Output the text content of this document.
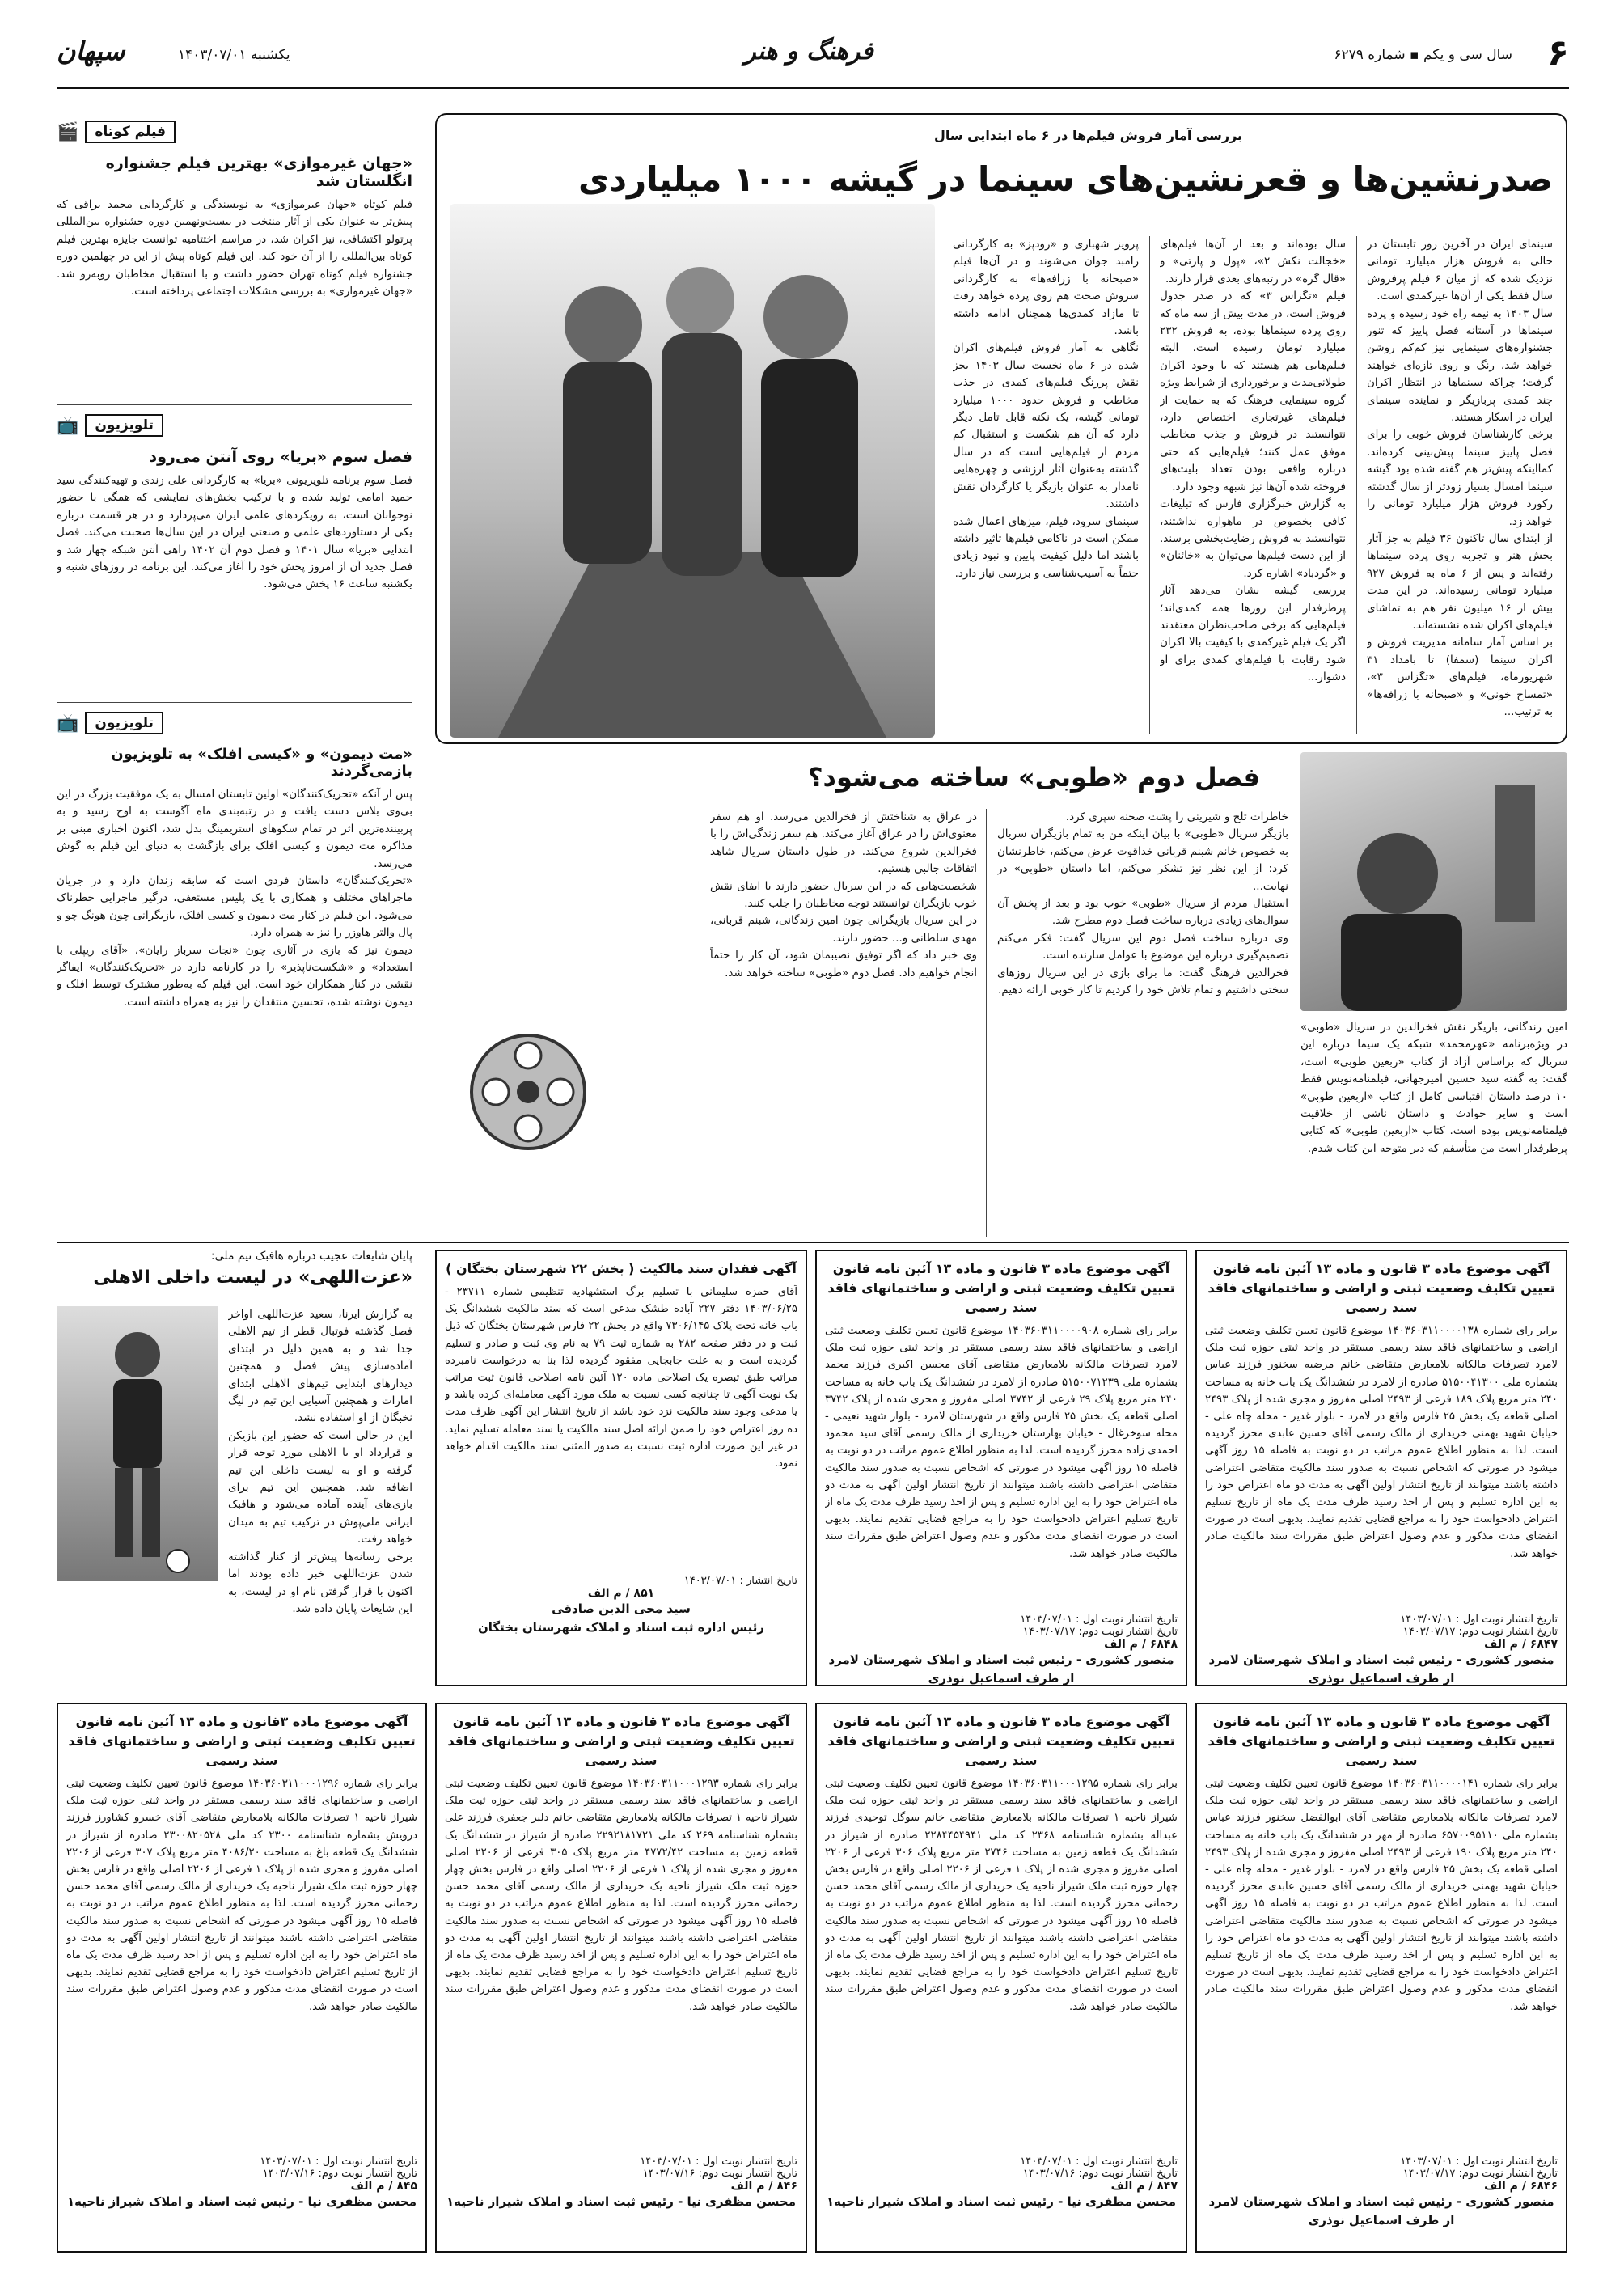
۶
سال سی و یکم ▪ شماره ۶۲۷۹
فرهنگ و هنر
یکشنبه ۱۴۰۳/۰۷/۰۱
سپهان
بررسی آمار فروش فیلم‌ها در ۶ ماه ابتدایی سال
صدرنشین‌ها و قعرنشین‌های سینما در گیشه ۱۰۰۰ میلیاردی
سینمای ایران در آخرین روز تابستان در حالی به فروش هزار میلیارد تومانی نزدیک شده که از میان ۶ فیلم پرفروش سال فقط یکی از آن‌ها غیرکمدی است.
سال ۱۴۰۳ به نیمه راه خود رسیده و پرده سینماها در آستانه فصل پاییز که تنور جشنواره‌های سینمایی نیز کم‌کم روشن خواهد شد، رنگ و روی تازه‌ای خواهند گرفت؛ چراکه سینماها در انتظار اکران چند کمدی پربازیگر و نماینده سینمای ایران در اسکار هستند.
برخی کارشناسان فروش خوبی را برای فصل پاییز سینما پیش‌بینی کرده‌اند. کمااینکه پیش‌تر هم گفته شده بود گیشه سینما امسال بسیار زودتر از سال گذشته رکورد فروش هزار میلیارد تومانی را خواهد زد.
از ابتدای سال تاکنون ۳۶ فیلم به جز آثار بخش هنر و تجربه روی پرده سینماها رفته‌اند و پس از ۶ ماه به فروش ۹۲۷ میلیارد تومانی رسیده‌اند. در این مدت بیش از ۱۶ میلیون نفر هم به تماشای فیلم‌های اکران شده نشسته‌اند.
بر اساس آمار سامانه مدیریت فروش و اکران سینما (سمفا) تا بامداد ۳۱ شهریورماه، فیلم‌های «تگزاس ۳»، «تمساح خونی» و «صبحانه با زرافه‌ها» به ترتیب...
سال بوده‌اند و بعد از آن‌ها فیلم‌های «خجالت نکش ۲»، «پول و پارتی» و «قال گره» در رتبه‌های بعدی قرار دارند.
فیلم «تگزاس ۳» که در صدر جدول فروش است، در مدت بیش از سه ماه که روی پرده سینماها بوده، به فروش ۲۳۲ میلیارد تومان رسیده است. البته فیلم‌هایی هم هستند که با وجود اکران طولانی‌مدت و برخورداری از شرایط ویژه گروه سینمایی فرهنگ که به حمایت از فیلم‌های غیرتجاری اختصاص دارد، نتوانستند در فروش و جذب مخاطب موفق عمل کنند؛ فیلم‌هایی که حتی درباره واقعی بودن تعداد بلیت‌های فروخته شده آن‌ها نیز شبهه وجود دارد.
به گزارش خبرگزاری فارس که تبلیغات کافی بخصوص در ماهواره نداشتند، نتوانستند به فروش رضایت‌بخشی برسند. از این دست فیلم‌ها می‌توان به «خائنان» و «گردباد» اشاره کرد.
بررسی گیشه نشان می‌دهد آثار پرطرفدار این روزها همه کمدی‌اند؛ فیلم‌هایی که برخی صاحب‌نظران معتقدند اگر یک فیلم غیرکمدی با کیفیت بالا اکران شود رقابت با فیلم‌های کمدی برای او دشوار...
پرویز شهبازی و «زودپز» به کارگردانی رامبد جوان می‌شوند و در آن‌ها فیلم «صبحانه با زرافه‌ها» به کارگردانی سروش صحت هم روی پرده خواهد رفت تا مازاد کمدی‌ها همچنان ادامه داشته باشد.
نگاهی به آمار فروش فیلم‌های اکران شده در ۶ ماه نخست سال ۱۴۰۳ بجز نقش پررنگ فیلم‌های کمدی در جذب مخاطب و فروش حدود ۱۰۰۰ میلیارد تومانی گیشه، یک نکته قابل تامل دیگر دارد که آن هم شکست و استقبال کم مردم از فیلم‌هایی است که در سال گذشته به‌عنوان آثار ارزشی و چهره‌هایی نامدار به عنوان بازیگر یا کارگردان نقش داشتند.
سینمای سرود، فیلم، میزهای اعمال شده ممکن است در ناکامی فیلم‌ها تاثیر داشته باشند اما دلیل کیفیت پایین و نبود زیادی حتماً به آسیب‌شناسی و بررسی نیاز دارد.
فصل دوم «طوبی» ساخته می‌شود؟
امین زندگانی، بازیگر نقش فخرالدین در سریال «طوبی» در ویژه‌برنامه «عهرمحمد» شبکه یک سیما درباره این سریال که براساس آزاد از کتاب «ربعین طوبی» است، گفت: به گفته سید حسین امیرجهانی، فیلمنامه‌نویس فقط ۱۰ درصد داستان اقتباسی کامل از کتاب «اربعین طوبی» است و سایر حوادث و داستان ناشی از خلاقیت فیلمنامه‌نویس بوده است. کتاب «اربعین طوبی» که کتابی پرطرفدار است من متأسفم که دیر متوجه این کتاب شدم.
خاطرات تلخ و شیرینی را پشت صحنه سپری کرد.
بازیگر سریال «طوبی» با بیان اینکه من به تمام بازیگران سریال به خصوص خانم شبنم قربانی خداقوت عرض می‌کنم، خاطرنشان کرد: از این نظر نیز تشکر می‌کنم، اما داستان «طوبی» در نهایت...
استقبال مردم از سریال «طوبی» خوب بود و بعد از پخش آن سوال‌های زیادی درباره ساخت فصل دوم مطرح شد.
وی درباره ساخت فصل دوم این سریال گفت: فکر می‌کنم تصمیم‌گیری درباره این موضوع با عوامل سازنده است.
فخرالدین فرهنگ گفت: ما برای بازی در این سریال روزهای سختی داشتیم و تمام تلاش خود را کردیم تا کار خوبی ارائه دهیم.
در عراق به شناختش از فخرالدین می‌رسد. او هم سفر معنوی‌اش را در عراق آغاز می‌کند. هم سفر زندگی‌اش را با فخرالدین شروع می‌کند. در طول داستان سریال شاهد اتفاقات جالبی هستیم.
شخصیت‌هایی که در این سریال حضور دارند با ایفای نقش خوب بازیگران توانستند توجه مخاطبان را جلب کنند.
در این سریال بازیگرانی چون امین زندگانی، شبنم قربانی، مهدی سلطانی و... حضور دارند.
وی خبر داد که اگر توفیق نصیبمان شود، آن کار را حتماً انجام خواهیم داد. فصل دوم «طوبی» ساخته خواهد شد.
فیلم کوتاه
🎬
«جهان غیرموازی» بهترین فیلم جشنواره انگلستان شد
فیلم کوتاه «جهان غیرموازی» به نویسندگی و کارگردانی محمد براقی که پیش‌تر به عنوان یکی از آثار منتخب در بیست‌ونهمین دوره جشنواره بین‌المللی پرتولو اکتشافی، نیز اکران شد، در مراسم اختتامیه توانست جایزه بهترین فیلم کوتاه بین‌المللی را از آن خود کند. این فیلم کوتاه پیش از این در چهلمین دوره جشنواره فیلم کوتاه تهران حضور داشت و با استقبال مخاطبان روبه‌رو شد. «جهان غیرموازی» به بررسی مشکلات اجتماعی پرداخته است.
تلویزیون
📺
فصل سوم «بریا» روی آنتن می‌رود
فصل سوم برنامه تلویزیونی «بریا» به کارگردانی علی زندی و تهیه‌کنندگی سید حمید امامی تولید شده و با ترکیب بخش‌های نمایشی که همگی با حضور نوجوانان است، به رویکردهای علمی ایران می‌پردازد و در هر قسمت درباره یکی از دستاوردهای علمی و صنعتی ایران در این سال‌ها صحبت می‌کند. فصل ابتدایی «بریا» سال ۱۴۰۱ و فصل دوم آن ۱۴۰۲ راهی آنتن شبکه چهار شد و فصل جدید آن از امروز پخش خود را آغاز می‌کند. این برنامه در روزهای شنبه و یکشنبه ساعت ۱۶ پخش می‌شود.
تلویزیون
📺
«مت دیمون» و «کیسی افلک» به تلویزیون بازمی‌گردند
پس از آنکه «تحریک‌کنندگان» اولین تابستان امسال به یک موفقیت بزرگ در این بی‌وی بلاس دست یافت و در رتبه‌بندی ماه آگوست به اوج رسید و به پربیننده‌ترین اثر در تمام سکوهای استریمینگ بدل شد، اکنون اخباری مبنی بر مذاکره مت دیمون و کیسی افلک برای بازگشت به دنیای این فیلم به گوش می‌رسد.
«تحریک‌کنندگان» داستان فردی است که سابقه زندان دارد و در جریان ماجراهای مختلف و همکاری با یک پلیس مستعفی، درگیر ماجرایی خطرناک می‌شود. این فیلم در کنار مت دیمون و کیسی افلک، بازیگرانی چون هونگ چو و پال والتر هاوزر را نیز به همراه دارد.
دیمون نیز که بازی در آثاری چون «نجات سرباز رایان»، «آقای ریپلی با استعداد» و «شکست‌ناپذیر» را در کارنامه دارد در «تحریک‌کنندگان» ایفاگر نقشی در کنار همکاران خود است. این فیلم که به‌طور مشترک توسط افلک و دیمون نوشته شده، تحسین منتقدان را نیز به همراه داشته است.
پایان شایعات عجیب درباره هافبک تیم ملی:
«عزت‌اللهی» در لیست داخلی الاهلی
به گزارش ایرنا، سعید عزت‌اللهی اواخر فصل گذشته فوتبال قطر از تیم الاهلی جدا شد و به همین دلیل در ابتدای آماده‌سازی پیش فصل و همچنین دیدارهای ابتدایی تیم‌های الاهلی ابتدای امارات و همچنین آسیایی این تیم در لیگ نخبگان از او استفاده نشد.
این در حالی است که حضور این بازیکن و قرارداد او با الاهلی مورد توجه قرار گرفته و او به لیست داخلی این تیم اضافه شد. همچنین این تیم برای بازی‌های آینده آماده می‌شود و هافبک ایرانی ملی‌پوش در ترکیب تیم به میدان خواهد رفت.
برخی رسانه‌ها پیش‌تر از کنار گذاشته شدن عزت‌اللهی خبر داده بودند اما اکنون با قرار گرفتن نام او در لیست، به این شایعات پایان داده شد.
آگهی موضوع ماده ۳ قانون و ماده ۱۳ آئین نامه قانون تعیین تکلیف وضعیت ثبتی و اراضی و ساختمانهای فاقد سند رسمی
برابر رای شماره ۱۴۰۳۶۰۳۱۱۰۰۰۰۱۳۸ موضوع قانون تعیین تکلیف وضعیت ثبتی اراضی و ساختمانهای فاقد سند رسمی مستقر در واحد ثبتی حوزه ثبت ملک لامرد تصرفات مالکانه بلامعارض متقاضی خانم مرضیه سخنور فرزند عباس بشماره ملی ۵۱۵۰۰۴۱۳۰۰ صادره از لامرد در ششدانگ یک باب خانه به مساحت ۲۴۰ متر مربع پلاک ۱۸۹ فرعی از ۲۴۹۳ اصلی مفروز و مجزی شده از پلاک ۲۴۹۳ اصلی قطعه یک بخش ۲۵ فارس واقع در لامرد - بلوار غدیر - محله چاه علی - خیابان شهید بهمنی خریداری از مالک رسمی آقای حسین عابدی محرز گردیده است. لذا به منظور اطلاع عموم مراتب در دو نوبت به فاصله ۱۵ روز آگهی میشود در صورتی که اشخاص نسبت به صدور سند مالکیت متقاضی اعتراضی داشته باشند میتوانند از تاریخ انتشار اولین آگهی به مدت دو ماه اعتراض خود را به این اداره تسلیم و پس از اخذ رسید ظرف مدت یک ماه از تاریخ تسلیم اعتراض دادخواست خود را به مراجع قضایی تقدیم نمایند. بدیهی است در صورت انقضای مدت مذکور و عدم وصول اعتراض طبق مقررات سند مالکیت صادر خواهد شد.
تاریخ انتشار نوبت اول : ۱۴۰۳/۰۷/۰۱
تاریخ انتشار نوبت دوم: ۱۴۰۳/۰۷/۱۷
۶۸۴۷ / م الف
منصور کشوری - رئیس ثبت اسناد و املاک شهرستان لامرد
از طرف اسماعیل نوذری
آگهی موضوع ماده ۳ قانون و ماده ۱۳ آئین نامه قانون تعیین تکلیف وضعیت ثبتی و اراضی و ساختمانهای فاقد سند رسمی
برابر رای شماره ۱۴۰۳۶۰۳۱۱۰۰۰۰۹۰۸ موضوع قانون تعیین تکلیف وضعیت ثبتی اراضی و ساختمانهای فاقد سند رسمی مستقر در واحد ثبتی حوزه ثبت ملک لامرد تصرفات مالکانه بلامعارض متقاضی آقای محسن اکبری فرزند محمد بشماره ملی ۵۱۵۰۰۷۱۲۳۹ صادره از لامرد در ششدانگ یک باب خانه به مساحت ۲۴۰ متر مربع پلاک ۲۹ فرعی از ۳۷۴۲ اصلی مفروز و مجزی شده از پلاک ۳۷۴۲ اصلی قطعه یک بخش ۲۵ فارس واقع در شهرستان لامرد - بلوار شهید نعیمی - محله سوخرغال - خیابان بهارستان خریداری از مالک رسمی آقای سید محمود احمدی زاده محرز گردیده است. لذا به منظور اطلاع عموم مراتب در دو نوبت به فاصله ۱۵ روز آگهی میشود در صورتی که اشخاص نسبت به صدور سند مالکیت متقاضی اعتراضی داشته باشند میتوانند از تاریخ انتشار اولین آگهی به مدت دو ماه اعتراض خود را به این اداره تسلیم و پس از اخذ رسید ظرف مدت یک ماه از تاریخ تسلیم اعتراض دادخواست خود را به مراجع قضایی تقدیم نمایند. بدیهی است در صورت انقضای مدت مذکور و عدم وصول اعتراض طبق مقررات سند مالکیت صادر خواهد شد.
تاریخ انتشار نوبت اول : ۱۴۰۳/۰۷/۰۱
تاریخ انتشار نوبت دوم: ۱۴۰۳/۰۷/۱۷
۶۸۴۸ / م الف
منصور کشوری - رئیس ثبت اسناد و املاک شهرستان لامرد
از طرف اسماعیل نوذری
آگهی فقدان سند مالکیت ( بخش ۲۲ شهرستان بختگان )
آقای حمزه سلیمانی با تسلیم برگ استشهادیه تنظیمی شماره ۲۳۷۱۱ - ۱۴۰۳/۰۶/۲۵ دفتر ۲۲۷ آباده طشک مدعی است که سند مالکیت ششدانگ یک باب خانه تحت پلاک ۷۳۰۶/۱۴۵ واقع در بخش ۲۲ فارس شهرستان بختگان که ذیل ثبت و در دفتر صفحه ۲۸۲ به شماره ثبت ۷۹ به نام وی ثبت و صادر و تسلیم گردیده است و به علت جابجایی مفقود گردیده لذا بنا به درخواست نامبرده مراتب طبق تبصره یک اصلاحی ماده ۱۲۰ آئین نامه اصلاحی قانون ثبت مراتب یک نوبت آگهی تا چنانچه کسی نسبت به ملک مورد آگهی معامله‌ای کرده باشد و یا مدعی وجود سند مالکیت نزد خود باشد از تاریخ انتشار این آگهی ظرف مدت ده روز اعتراض خود را ضمن ارائه اصل سند مالکیت یا سند معامله تسلیم نماید. در غیر این صورت اداره ثبت نسبت به صدور المثنی سند مالکیت اقدام خواهد نمود.
تاریخ انتشار : ۱۴۰۳/۰۷/۰۱
۸۵۱ / م الف
سید محی الدین صادقی
رئیس اداره ثبت اسناد و املاک شهرستان بختگان
آگهی موضوع ماده ۳ قانون و ماده ۱۳ آئین نامه قانون تعیین تکلیف وضعیت ثبتی و اراضی و ساختمانهای فاقد سند رسمی
برابر رای شماره ۱۴۰۳۶۰۳۱۱۰۰۰۰۱۴۱ موضوع قانون تعیین تکلیف وضعیت ثبتی اراضی و ساختمانهای فاقد سند رسمی مستقر در واحد ثبتی حوزه ثبت ملک لامرد تصرفات مالکانه بلامعارض متقاضی آقای ابوالفضل سخنور فرزند عباس بشماره ملی ۶۵۷۰۰۹۵۱۱۰ صادره از مهر در ششدانگ یک باب خانه به مساحت ۲۴۰ متر مربع پلاک ۱۹۰ فرعی از ۲۴۹۳ اصلی مفروز و مجزی شده از پلاک ۲۴۹۳ اصلی قطعه یک بخش ۲۵ فارس واقع در لامرد - بلوار غدیر - محله چاه علی - خیابان شهید بهمنی خریداری از مالک رسمی آقای حسین عابدی محرز گردیده است. لذا به منظور اطلاع عموم مراتب در دو نوبت به فاصله ۱۵ روز آگهی میشود در صورتی که اشخاص نسبت به صدور سند مالکیت متقاضی اعتراضی داشته باشند میتوانند از تاریخ انتشار اولین آگهی به مدت دو ماه اعتراض خود را به این اداره تسلیم و پس از اخذ رسید ظرف مدت یک ماه از تاریخ تسلیم اعتراض دادخواست خود را به مراجع قضایی تقدیم نمایند. بدیهی است در صورت انقضای مدت مذکور و عدم وصول اعتراض طبق مقررات سند مالکیت صادر خواهد شد.
تاریخ انتشار نوبت اول : ۱۴۰۳/۰۷/۰۱
تاریخ انتشار نوبت دوم: ۱۴۰۳/۰۷/۱۷
۶۸۴۶ / م الف
منصور کشوری - رئیس ثبت اسناد و املاک شهرستان لامرد
از طرف اسماعیل نوذری
آگهی موضوع ماده ۳ قانون و ماده ۱۳ آئین نامه قانون تعیین تکلیف وضعیت ثبتی و اراضی و ساختمانهای فاقد سند رسمی
برابر رای شماره ۱۴۰۳۶۰۳۱۱۰۰۰۱۲۹۵ موضوع قانون تعیین تکلیف وضعیت ثبتی اراضی و ساختمانهای فاقد سند رسمی مستقر در واحد ثبتی حوزه ثبت ملک شیراز ناحیه ۱ تصرفات مالکانه بلامعارض متقاضی خانم سوگل توحیدی فرزند عبداله بشماره شناسنامه ۲۳۶۸ کد ملی ۲۲۸۴۴۵۴۹۴۱ صادره از شیراز در ششدانگ یک قطعه زمین به مساحت ۲۷۴۶ متر مربع پلاک ۳۰۶ فرعی از ۲۲۰۶ اصلی مفروز و مجزی شده از پلاک ۱ فرعی از ۲۲۰۶ اصلی واقع در فارس بخش چهار حوزه ثبت ملک شیراز ناحیه یک خریداری از مالک رسمی آقای محمد حسن رحمانی محرز گردیده است. لذا به منظور اطلاع عموم مراتب در دو نوبت به فاصله ۱۵ روز آگهی میشود در صورتی که اشخاص نسبت به صدور سند مالکیت متقاضی اعتراضی داشته باشند میتوانند از تاریخ انتشار اولین آگهی به مدت دو ماه اعتراض خود را به این اداره تسلیم و پس از اخذ رسید ظرف مدت یک ماه از تاریخ تسلیم اعتراض دادخواست خود را به مراجع قضایی تقدیم نمایند. بدیهی است در صورت انقضای مدت مذکور و عدم وصول اعتراض طبق مقررات سند مالکیت صادر خواهد شد.
تاریخ انتشار نوبت اول : ۱۴۰۳/۰۷/۰۱
تاریخ انتشار نوبت دوم: ۱۴۰۳/۰۷/۱۶
۸۴۷ / م الف
محسن مظفری نیا - رئیس ثبت اسناد و املاک شیراز ناحیه۱
آگهی موضوع ماده ۳ قانون و ماده ۱۳ آئین نامه قانون تعیین تکلیف وضعیت ثبتی و اراضی و ساختمانهای فاقد سند رسمی
برابر رای شماره ۱۴۰۳۶۰۳۱۱۰۰۰۱۲۹۳ موضوع قانون تعیین تکلیف وضعیت ثبتی اراضی و ساختمانهای فاقد سند رسمی مستقر در واحد ثبتی حوزه ثبت ملک شیراز ناحیه ۱ تصرفات مالکانه بلامعارض متقاضی خانم دلبر جعفری فرزند علی بشماره شناسنامه ۲۶۹ کد ملی ۲۲۹۲۱۸۱۷۲۱ صادره از شیراز در ششدانگ یک قطعه زمین به مساحت ۴۷۷۲/۴۲ متر مربع پلاک ۳۰۵ فرعی از ۲۲۰۶ اصلی مفروز و مجزی شده از پلاک ۱ فرعی از ۲۲۰۶ اصلی واقع در فارس بخش چهار حوزه ثبت ملک شیراز ناحیه یک خریداری از مالک رسمی آقای محمد حسن رحمانی محرز گردیده است. لذا به منظور اطلاع عموم مراتب در دو نوبت به فاصله ۱۵ روز آگهی میشود در صورتی که اشخاص نسبت به صدور سند مالکیت متقاضی اعتراضی داشته باشند میتوانند از تاریخ انتشار اولین آگهی به مدت دو ماه اعتراض خود را به این اداره تسلیم و پس از اخذ رسید ظرف مدت یک ماه از تاریخ تسلیم اعتراض دادخواست خود را به مراجع قضایی تقدیم نمایند. بدیهی است در صورت انقضای مدت مذکور و عدم وصول اعتراض طبق مقررات سند مالکیت صادر خواهد شد.
تاریخ انتشار نوبت اول : ۱۴۰۳/۰۷/۰۱
تاریخ انتشار نوبت دوم: ۱۴۰۳/۰۷/۱۶
۸۴۶ / م الف
محسن مظفری نیا - رئیس ثبت اسناد و املاک شیراز ناحیه۱
آگهی موضوع ماده ۳قانون و ماده ۱۳ آئین نامه قانون تعیین تکلیف وضعیت ثبتی و اراضی و ساختمانهای فاقد سند رسمی
برابر رای شماره ۱۴۰۳۶۰۳۱۱۰۰۰۱۲۹۶ موضوع قانون تعیین تکلیف وضعیت ثبتی اراضی و ساختمانهای فاقد سند رسمی مستقر در واحد ثبتی حوزه ثبت ملک شیراز ناحیه ۱ تصرفات مالکانه بلامعارض متقاضی آقای خسرو کشاورز فرزند درویش بشماره شناسنامه ۲۳۰۰ کد ملی ۲۳۰۰۸۲۰۵۲۸ صادره از شیراز در ششدانگ یک قطعه باغ به مساحت ۴۰۸۶/۲۰ متر مربع پلاک ۳۰۷ فرعی از ۲۲۰۶ اصلی مفروز و مجزی شده از پلاک ۱ فرعی از ۲۲۰۶ اصلی واقع در فارس بخش چهار حوزه ثبت ملک شیراز ناحیه یک خریداری از مالک رسمی آقای محمد حسن رحمانی محرز گردیده است. لذا به منظور اطلاع عموم مراتب در دو نوبت به فاصله ۱۵ روز آگهی میشود در صورتی که اشخاص نسبت به صدور سند مالکیت متقاضی اعتراضی داشته باشند میتوانند از تاریخ انتشار اولین آگهی به مدت دو ماه اعتراض خود را به این اداره تسلیم و پس از اخذ رسید ظرف مدت یک ماه از تاریخ تسلیم اعتراض دادخواست خود را به مراجع قضایی تقدیم نمایند. بدیهی است در صورت انقضای مدت مذکور و عدم وصول اعتراض طبق مقررات سند مالکیت صادر خواهد شد.
تاریخ انتشار نوبت اول : ۱۴۰۳/۰۷/۰۱
تاریخ انتشار نوبت دوم: ۱۴۰۳/۰۷/۱۶
۸۴۵ / م الف
محسن مظفری نیا - رئیس ثبت اسناد و املاک شیراز ناحیه۱
